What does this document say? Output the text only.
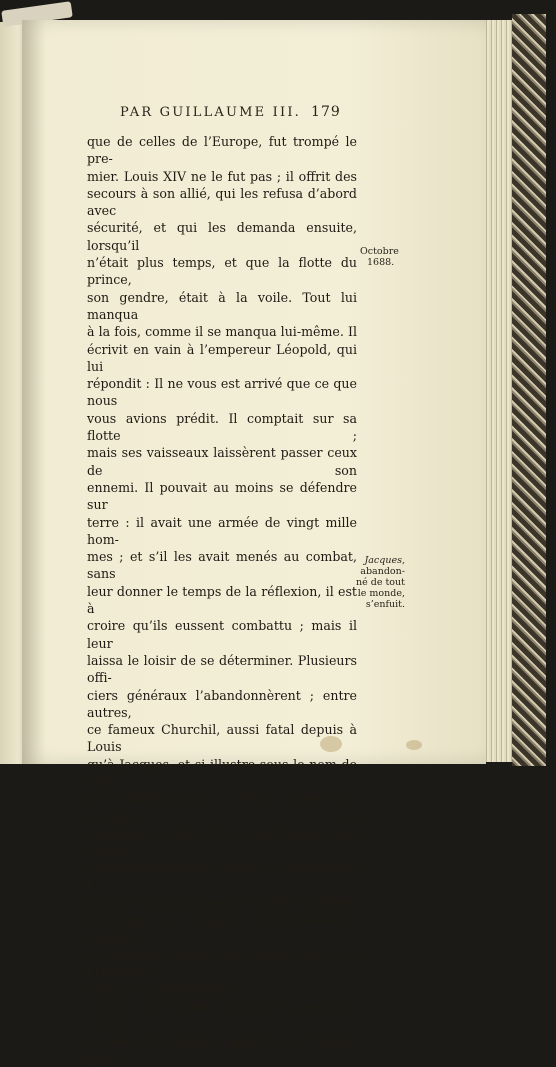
PAR GUILLAUME III. 179
que de celles de l’Europe, fut trompé le pre-
mier. Louis XIV ne le fut pas ; il offrit des
secours à son allié, qui les refusa d’abord avec
sécurité, et qui les demanda ensuite, lorsqu’il
n’était plus temps, et que la flotte du prince,
son gendre, était à la voile. Tout lui manqua
à la fois, comme il se manqua lui-même. Il
écrivit en vain à l’empereur Léopold, qui lui
répondit : Il ne vous est arrivé que ce que nous
vous avions prédit. Il comptait sur sa flotte ;
mais ses vaisseaux laissèrent passer ceux de son
ennemi. Il pouvait au moins se défendre sur
terre : il avait une armée de vingt mille hom-
mes ; et s’il les avait menés au combat, sans
leur donner le temps de la réflexion, il est à
croire qu’ils eussent combattu ; mais il leur
laissa le loisir de se déterminer. Plusieurs offi-
ciers généraux l’abandonnèrent ; entre autres,
ce fameux Churchil, aussi fatal depuis à Louis
qu’à Jacques, et si illustre sous le nom de duc
de Marlborough. Il était favori de Jacques, sa
créature, le frère de sa maîtresse, son lieute-
nant général dans l’armée ; cependant il le
quitta, et passa dans le camp du prince
d’Orange. Le prince de Danemarck, gendre
de Jacques, enfin sa propre fille, la princesse
Anne, l’abandonnèrent.
Alors, se voyant attaqué et poursuivi par
un de ses gendres, quitté par l’autre, ayant
Octobre
1688.
Jacques,
abandon-
né de tout
le monde,
s’enfuit.
